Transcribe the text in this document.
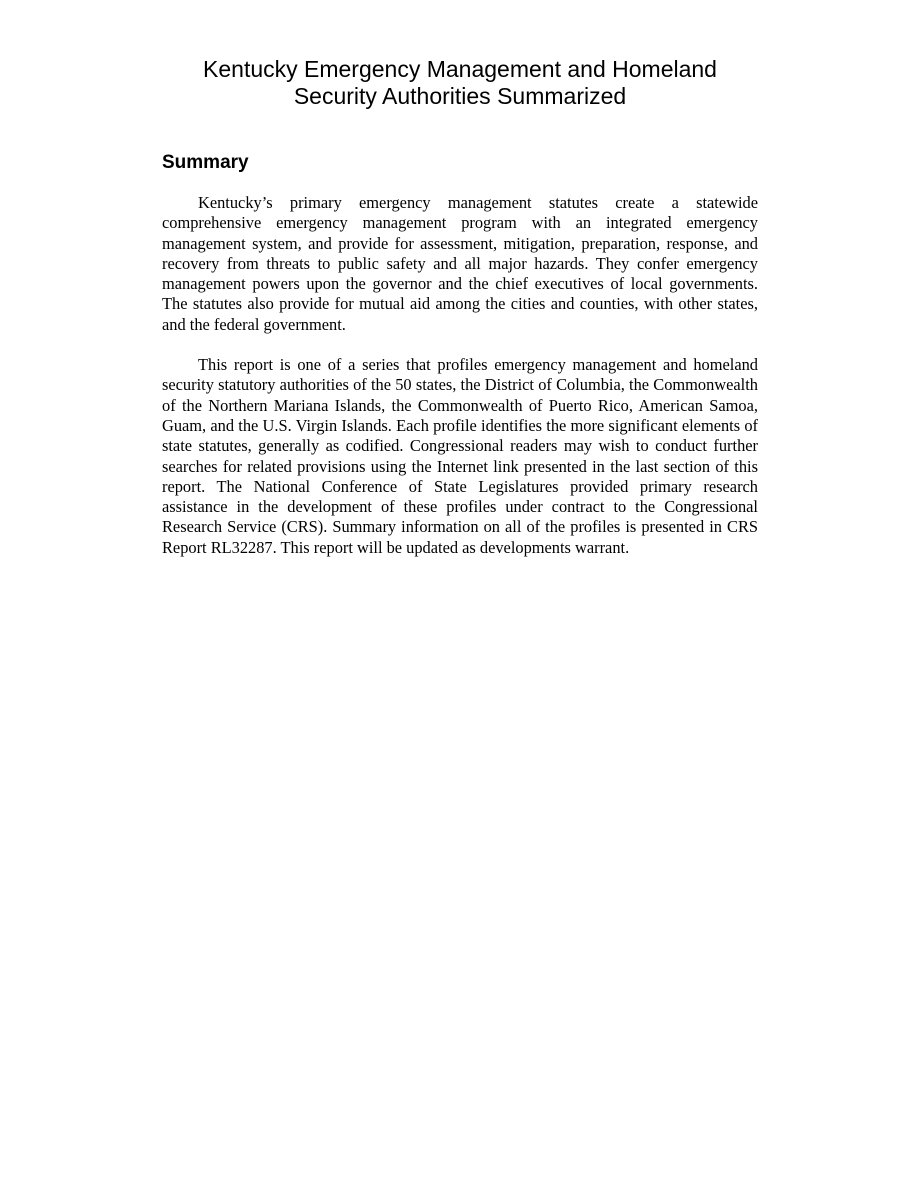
Kentucky Emergency Management and Homeland
Security Authorities Summarized
Summary

Kentucky’s primary emergency management statutes create a statewide comprehensive emergency management program with an integrated emergency management system, and provide for assessment, mitigation, preparation, response, and recovery from threats to public safety and all major hazards. They confer emergency management powers upon the governor and the chief executives of local governments. The statutes also provide for mutual aid among the cities and counties, with other states, and the federal government.

This report is one of a series that profiles emergency management and homeland security statutory authorities of the 50 states, the District of Columbia, the Commonwealth of the Northern Mariana Islands, the Commonwealth of Puerto Rico, American Samoa, Guam, and the U.S. Virgin Islands. Each profile identifies the more significant elements of state statutes, generally as codified. Congressional readers may wish to conduct further searches for related provisions using the Internet link presented in the last section of this report. The National Conference of State Legislatures provided primary research assistance in the development of these profiles under contract to the Congressional Research Service (CRS). Summary information on all of the profiles is presented in CRS Report RL32287. This report will be updated as developments warrant.
